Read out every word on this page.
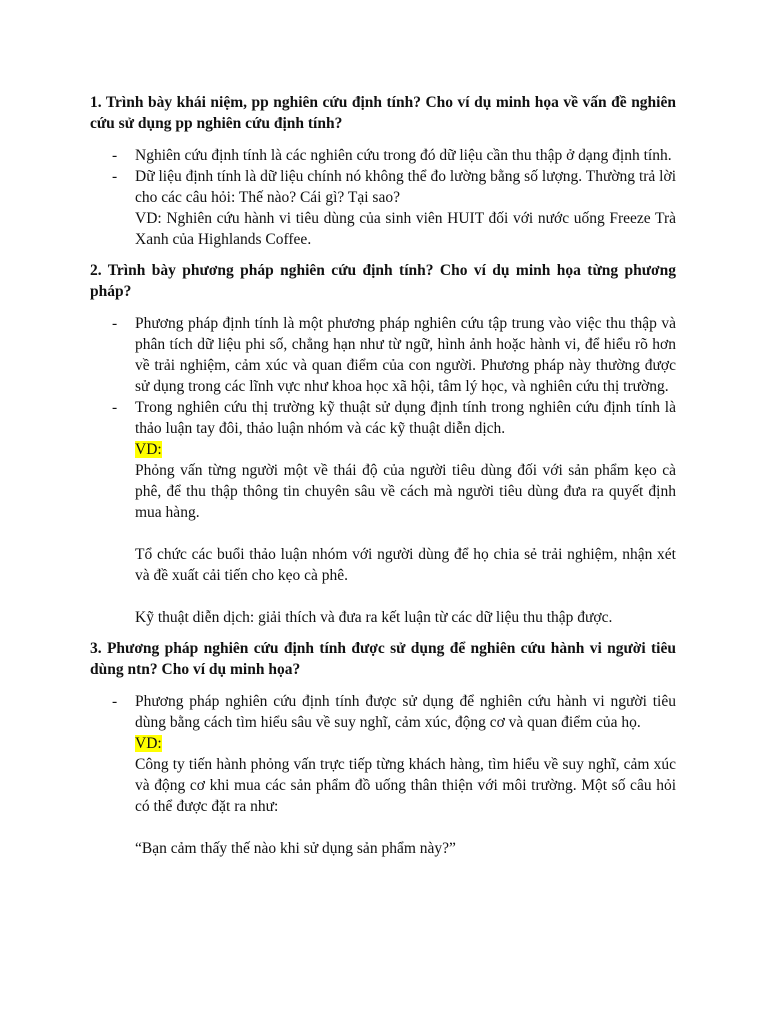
1. Trình bày khái niệm, pp nghiên cứu định tính? Cho ví dụ minh họa về vấn đề nghiên cứu sử dụng pp nghiên cứu định tính?

- Nghiên cứu định tính là các nghiên cứu trong đó dữ liệu cần thu thập ở dạng định tính.

- Dữ liệu định tính là dữ liệu chính nó không thể đo lường bằng số lượng. Thường trả lời cho các câu hỏi: Thế nào? Cái gì? Tại sao?

VD: Nghiên cứu hành vi tiêu dùng của sinh viên HUIT đối với nước uống Freeze Trà Xanh của Highlands Coffee.

2. Trình bày phương pháp nghiên cứu định tính? Cho ví dụ minh họa từng phương pháp?

- Phương pháp định tính là một phương pháp nghiên cứu tập trung vào việc thu thập và phân tích dữ liệu phi số, chẳng hạn như từ ngữ, hình ảnh hoặc hành vi, để hiểu rõ hơn về trải nghiệm, cảm xúc và quan điểm của con người. Phương pháp này thường được sử dụng trong các lĩnh vực như khoa học xã hội, tâm lý học, và nghiên cứu thị trường.

- Trong nghiên cứu thị trường kỹ thuật sử dụng định tính trong nghiên cứu định tính là thảo luận tay đôi, thảo luận nhóm và các kỹ thuật diễn dịch.

VD:

Phỏng vấn từng người một về thái độ của người tiêu dùng đối với sản phẩm kẹo cà phê, để thu thập thông tin chuyên sâu về cách mà người tiêu dùng đưa ra quyết định mua hàng.

Tổ chức các buổi thảo luận nhóm với người dùng để họ chia sẻ trải nghiệm, nhận xét và đề xuất cải tiến cho kẹo cà phê.

Kỹ thuật diễn dịch: giải thích và đưa ra kết luận từ các dữ liệu thu thập được.

3. Phương pháp nghiên cứu định tính được sử dụng để nghiên cứu hành vi người tiêu dùng ntn? Cho ví dụ minh họa?

- Phương pháp nghiên cứu định tính được sử dụng để nghiên cứu hành vi người tiêu dùng bằng cách tìm hiểu sâu về suy nghĩ, cảm xúc, động cơ và quan điểm của họ.

VD:

Công ty tiến hành phỏng vấn trực tiếp từng khách hàng, tìm hiểu về suy nghĩ, cảm xúc và động cơ khi mua các sản phẩm đồ uống thân thiện với môi trường. Một số câu hỏi có thể được đặt ra như:

“Bạn cảm thấy thế nào khi sử dụng sản phẩm này?”
